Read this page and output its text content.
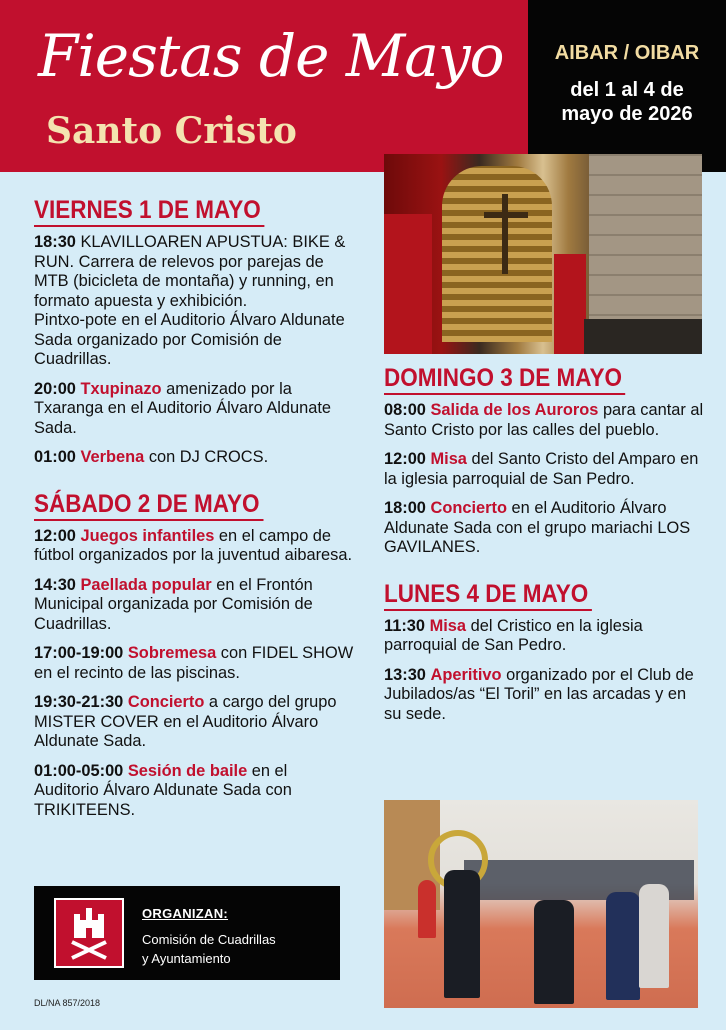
Fiestas de Mayo
Santo Cristo
AIBAR / OIBAR
del 1 al 4 de
mayo de 2026
VIERNES 1 DE MAYO
18:30 KLAVILLOAREN APUSTUA: BIKE & RUN. Carrera de relevos por parejas de MTB (bicicleta de montaña) y running, en formato apuesta y exhibición.
Pintxo-pote en el Auditorio Álvaro Aldunate Sada organizado por Comisión de Cuadrillas.
20:00 Txupinazo amenizado por la Txaranga en el Auditorio Álvaro Aldunate Sada.
01:00 Verbena con DJ CROCS.
SÁBADO 2 DE MAYO
12:00 Juegos infantiles en el campo de fútbol organizados por la juventud aibaresa.
14:30 Paellada popular en el Frontón Municipal organizada por Comisión de Cuadrillas.
17:00-19:00 Sobremesa con FIDEL SHOW en el recinto de las piscinas.
19:30-21:30 Concierto a cargo del grupo MISTER COVER en el Auditorio Álvaro Aldunate Sada.
01:00-05:00 Sesión de baile en el Auditorio Álvaro Aldunate Sada con TRIKITEENS.
DOMINGO 3 DE MAYO
08:00 Salida de los Auroros para cantar al Santo Cristo por las calles del pueblo.
12:00 Misa del Santo Cristo del Amparo en la iglesia parroquial de San Pedro.
18:00 Concierto en el Auditorio Álvaro Aldunate Sada con el grupo mariachi LOS GAVILANES.
LUNES 4 DE MAYO
11:30 Misa del Cristico en la iglesia parroquial de San Pedro.
13:30 Aperitivo organizado por el Club de Jubilados/as “El Toril” en las arcadas y en su sede.
ORGANIZAN:
Comisión de Cuadrillas
y Ayuntamiento
DL/NA 857/2018
